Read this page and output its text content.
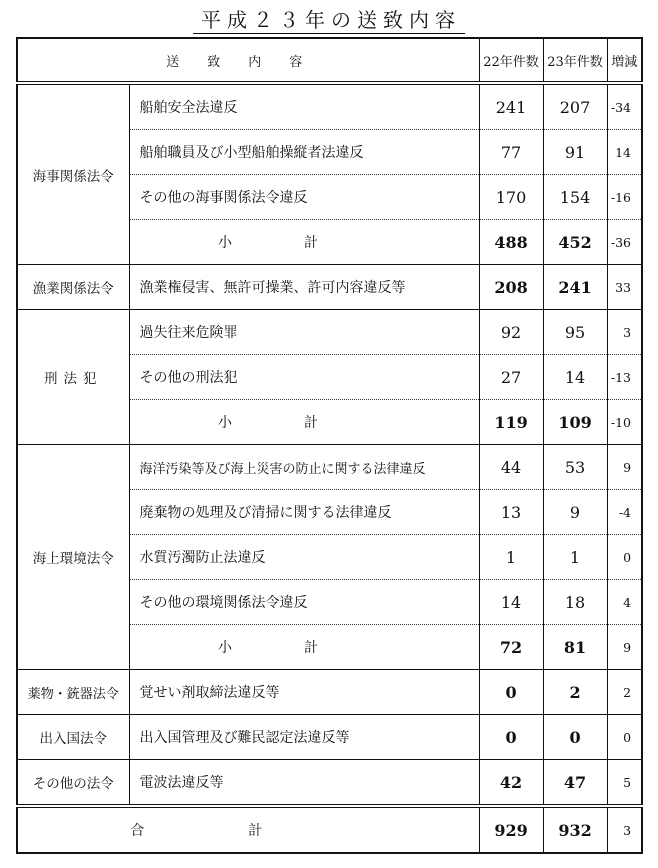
平成２３年の送致内容
送致内容		22年件数	23年件数	増減
海事関係法令	船舶安全法違反	241	207	-34
	船舶職員及び小型船舶操縦者法違反	77	91	14
	その他の海事関係法令違反	170	154	-16
	小計	488	452	-36
漁業関係法令	漁業権侵害、無許可操業、許可内容違反等	208	241	33
刑法犯	過失往来危険罪	92	95	3
	その他の刑法犯	27	14	-13
	小計	119	109	-10
海上環境法令	海洋汚染等及び海上災害の防止に関する法律違反	44	53	9
	廃棄物の処理及び清掃に関する法律違反	13	9	-4
	水質汚濁防止法違反	1	1	0
	その他の環境関係法令違反	14	18	4
	小計	72	81	9
薬物・銃器法令	覚せい剤取締法違反等	0	2	2
出入国法令	出入国管理及び難民認定法違反等	0	0	0
その他の法令	電波法違反等	42	47	5
合計		929	932	3
